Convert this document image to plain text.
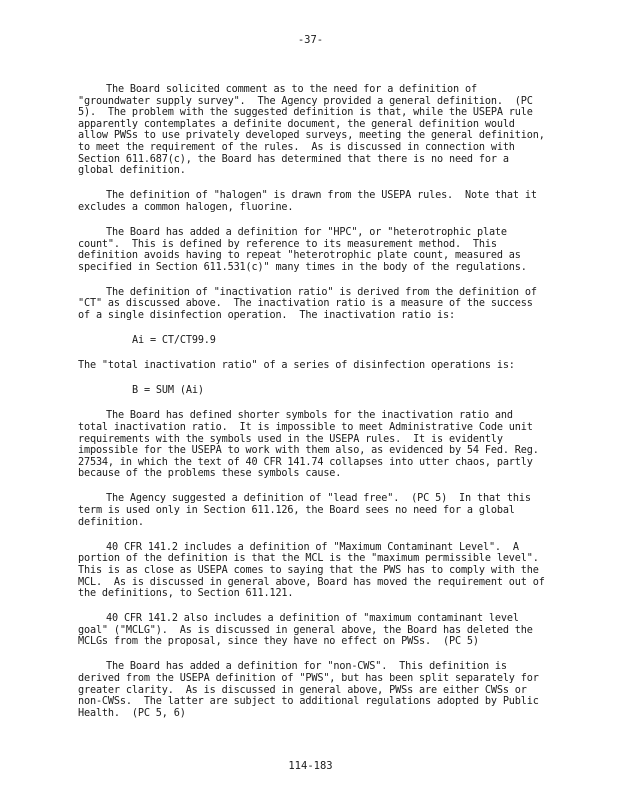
-37-

The Board solicited comment as to the need for a definition of "groundwater supply survey".  The Agency provided a general definition.  (PC 5).  The problem with the suggested definition is that, while the USEPA rule apparently contemplates a definite document, the general definition would allow PWSs to use privately developed surveys, meeting the general definition, to meet the requirement of the rules.  As is discussed in connection with Section 611.687(c), the Board has determined that there is no need for a global definition.

The definition of "halogen" is drawn from the USEPA rules.  Note that it excludes a common halogen, fluorine.

The Board has added a definition for "HPC", or "heterotrophic plate count".  This is defined by reference to its measurement method.  This definition avoids having to repeat "heterotrophic plate count, measured as specified in Section 611.531(c)" many times in the body of the regulations.

The definition of "inactivation ratio" is derived from the definition of "CT" as discussed above.  The inactivation ratio is a measure of the success of a single disinfection operation.  The inactivation ratio is:

Ai = CT/CT99.9

The "total inactivation ratio" of a series of disinfection operations is:

B = SUM (Ai)

The Board has defined shorter symbols for the inactivation ratio and total inactivation ratio.  It is impossible to meet Administrative Code unit requirements with the symbols used in the USEPA rules.  It is evidently impossible for the USEPA to work with them also, as evidenced by 54 Fed. Reg. 27534, in which the text of 40 CFR 141.74 collapses into utter chaos, partly because of the problems these symbols cause.

The Agency suggested a definition of "lead free".  (PC 5)  In that this term is used only in Section 611.126, the Board sees no need for a global definition.

40 CFR 141.2 includes a definition of "Maximum Contaminant Level".  A portion of the definition is that the MCL is the "maximum permissible level".  This is as close as USEPA comes to saying that the PWS has to comply with the MCL.  As is discussed in general above, Board has moved the requirement out of the definitions, to Section 611.121.

40 CFR 141.2 also includes a definition of "maximum contaminant level goal" ("MCLG").  As is discussed in general above, the Board has deleted the MCLGs from the proposal, since they have no effect on PWSs.  (PC 5)

The Board has added a definition for "non-CWS".  This definition is derived from the USEPA definition of "PWS", but has been split separately for greater clarity.  As is discussed in general above, PWSs are either CWSs or non-CWSs.  The latter are subject to additional regulations adopted by Public Health.  (PC 5, 6)

114-183
